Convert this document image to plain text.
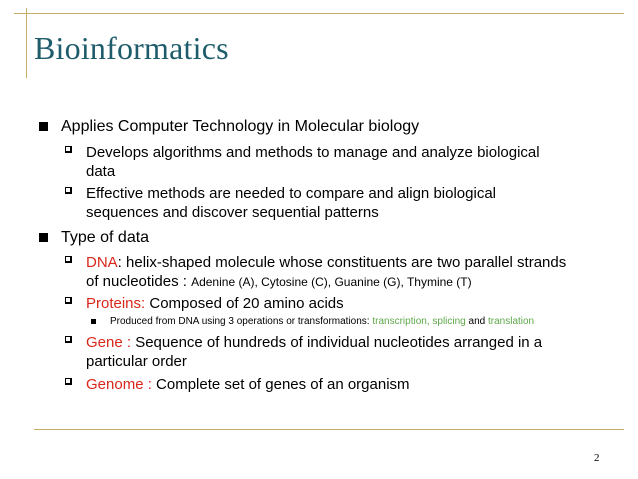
Bioinformatics
Applies Computer Technology in Molecular biology
Develops algorithms and methods to manage and analyze biological
data
Effective methods are needed to compare and align biological
sequences and discover sequential patterns
Type of data
DNA: helix-shaped molecule whose constituents are two parallel strands
of nucleotides : Adenine (A), Cytosine (C), Guanine (G), Thymine (T)
Proteins: Composed of 20 amino acids
Produced from DNA using 3 operations or transformations: transcription, splicing and translation
Gene : Sequence of hundreds of individual nucleotides arranged in a
particular order
Genome : Complete set of genes of an organism
2
